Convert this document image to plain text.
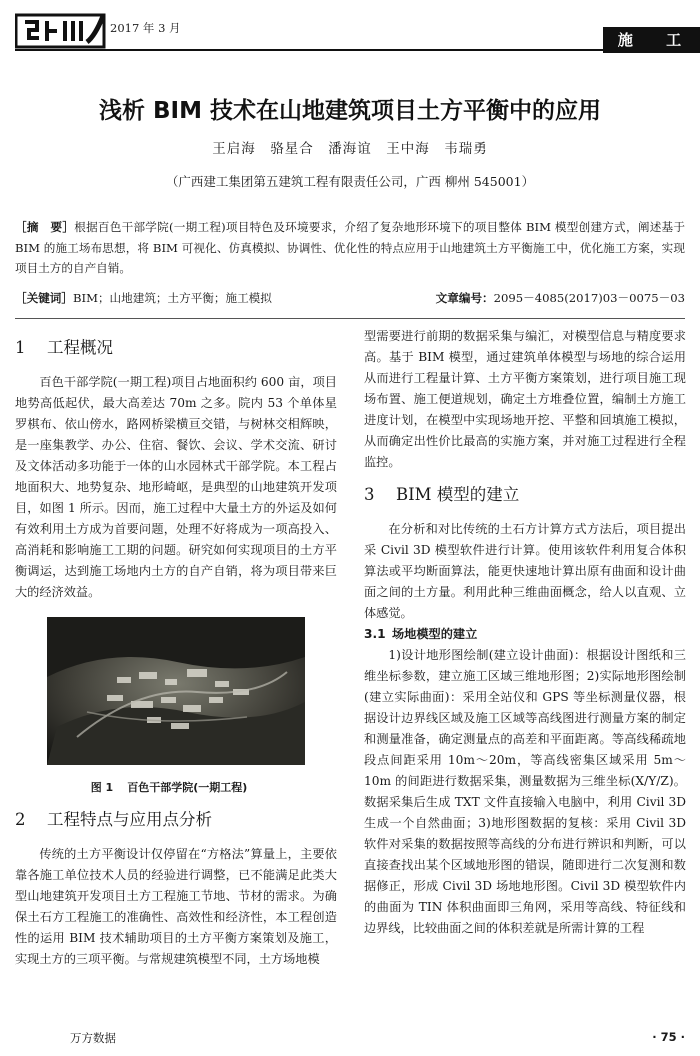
2017 年 3 月
施 工
浅析 BIM 技术在山地建筑项目土方平衡中的应用
王启海　骆星合　潘海谊　王中海　韦瑞勇
（广西建工集团第五建筑工程有限责任公司，广西 柳州 545001）
［摘　要］根据百色干部学院(一期工程)项目特色及环境要求，介绍了复杂地形环境下的项目整体 BIM 模型创建方式，阐述基于 BIM 的施工场布思想，将 BIM 可视化、仿真模拟、协调性、优化性的特点应用于山地建筑土方平衡施工中，优化施工方案，实现项目土方的自产自销。
［关键词］BIM；山地建筑；土方平衡；施工模拟	文章编号：2095－4085(2017)03－0075－03
1 工程概况

百色干部学院(一期工程)项目占地面积约 600 亩，项目地势高低起伏，最大高差达 70m 之多。院内 53 个单体星罗棋布、依山傍水，路网桥梁横亘交错，与树林交相辉映，是一座集教学、办公、住宿、餐饮、会议、学术交流、研讨及文体活动多功能于一体的山水园林式干部学院。本工程占地面积大、地势复杂、地形崎岖，是典型的山地建筑开发项目，如图 1 所示。因而，施工过程中大量土方的外运及如何有效利用土方成为首要问题，处理不好将成为一项高投入、高消耗和影响施工工期的问题。研究如何实现项目的土方平衡调运，达到施工场地内土方的自产自销，将为项目带来巨大的经济效益。

图 1 百色干部学院(一期工程)
2 工程特点与应用点分析

传统的土方平衡设计仅停留在“方格法”算量上，主要依靠各施工单位技术人员的经验进行调整，已不能满足此类大型山地建筑开发项目土方工程施工节地、节材的需求。为确保土石方工程施工的准确性、高效性和经济性，本工程创造性的运用 BIM 技术辅助项目的土方平衡方案策划及施工，实现土方的三项平衡。与常规建筑模型不同，土方场地模

型需要进行前期的数据采集与编汇，对模型信息与精度要求高。基于 BIM 模型，通过建筑单体模型与场地的综合运用从而进行工程量计算、土方平衡方案策划，进行项目施工现场布置、施工便道规划，确定土方堆叠位置，编制土方施工进度计划，在模型中实现场地开挖、平整和回填施工模拟，从而确定出性价比最高的实施方案，并对施工过程进行全程监控。

3 BIM 模型的建立

在分析和对比传统的土石方计算方式方法后，项目提出采 Civil 3D 模型软件进行计算。使用该软件利用复合体积算法或平均断面算法，能更快速地计算出原有曲面和设计曲面之间的土方量。利用此种三维曲面概念，给人以直观、立体感觉。

3.1 场地模型的建立

1)设计地形图绘制(建立设计曲面)：根据设计图纸和三维坐标参数，建立施工区域三维地形图；2)实际地形图绘制(建立实际曲面)：采用全站仪和 GPS 等坐标测量仪器，根据设计边界线区域及施工区域等高线图进行测量方案的制定和测量准备，确定测量点的高差和平面距离。等高线稀疏地段点间距采用 10m～20m，等高线密集区域采用 5m～10m 的间距进行数据采集，测量数据为三维坐标(X/Y/Z)。数据采集后生成 TXT 文件直接输入电脑中，利用 Civil 3D 生成一个自然曲面；3)地形图数据的复核：采用 Civil 3D 软件对采集的数据按照等高线的分布进行辨识和判断，可以直接查找出某个区域地形图的错误，随即进行二次复测和数据修正，形成 Civil 3D 场地地形图。Civil 3D 模型软件内的曲面为 TIN 体积曲面即三角网，采用等高线、特征线和边界线，比较曲面之间的体积差就是所需计算的工程

万方数据	· 75 ·
